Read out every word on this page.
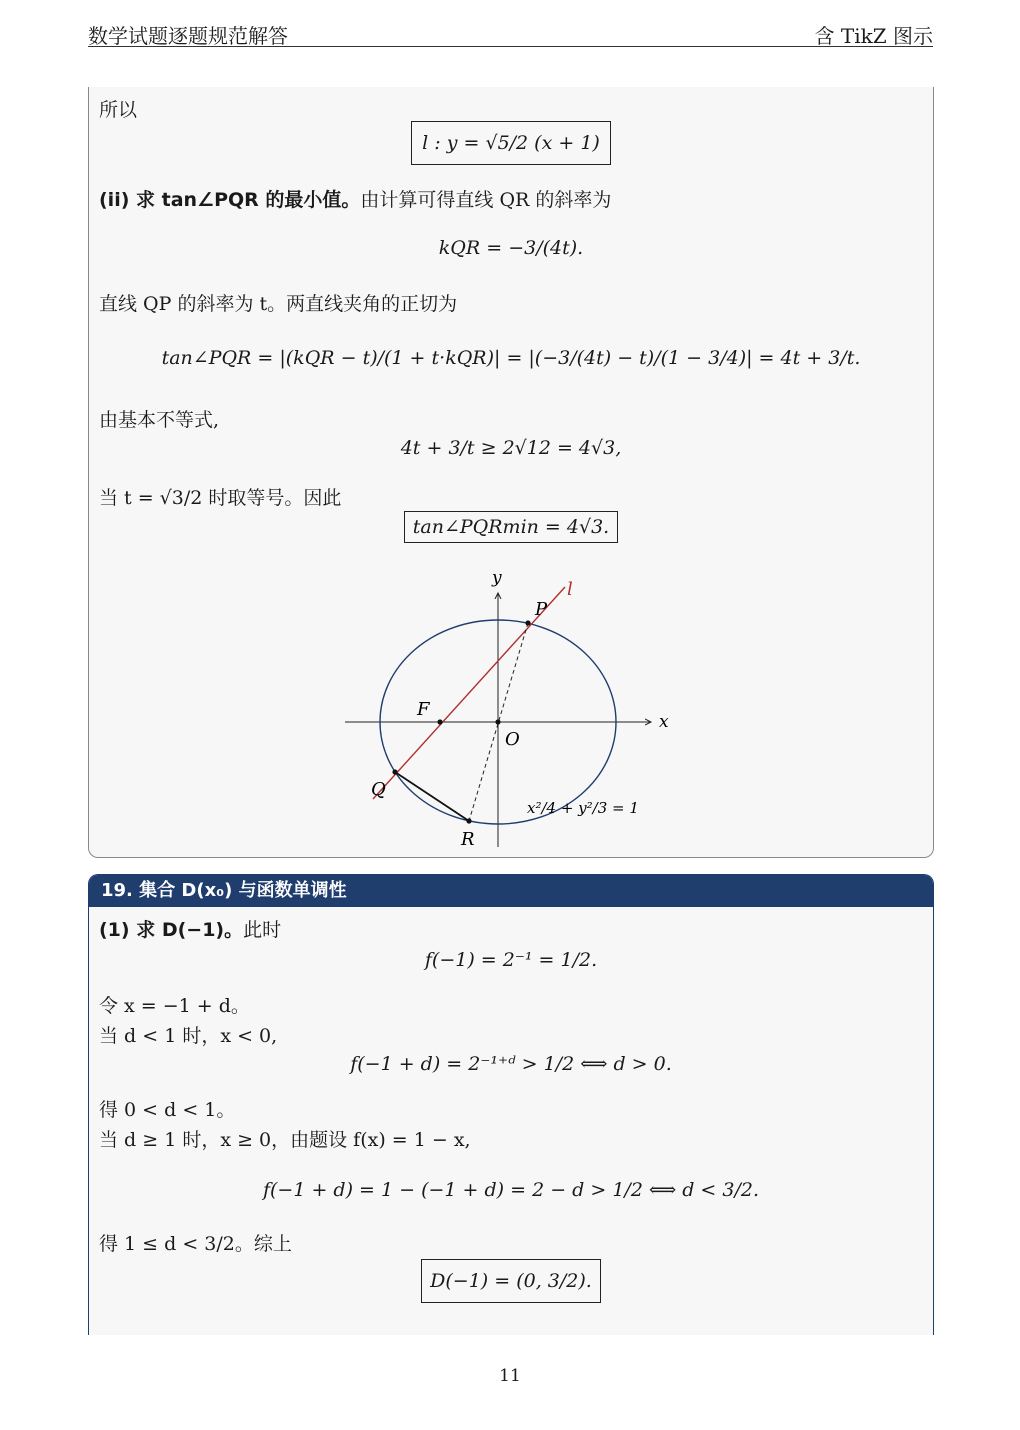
数学试题逐题规范解答	含 TikZ 图示
所以
l : y = √5/2 (x + 1)
(ii) 求 tan∠PQR 的最小值。由计算可得直线 QR 的斜率为
kQR = −3/(4t).
直线 QP 的斜率为 t。两直线夹角的正切为
tan∠PQR = |(kQR − t)/(1 + t·kQR)| = |(−3/(4t) − t)/(1 − 3/4)| = 4t + 3/t.
由基本不等式,
4t + 3/t ≥ 2√12 = 4√3,
当 t = √3/2 时取等号。因此
tan∠PQRmin = 4√3.
x
y
l
P
F
O
Q
R
x²/4 + y²/3 = 1
19. 集合 D(x₀) 与函数单调性
(1) 求 D(−1)。此时
f(−1) = 2⁻¹ = 1/2.
令 x = −1 + d。
当 d < 1 时，x < 0,
f(−1 + d) = 2⁻¹⁺ᵈ > 1/2 ⟺ d > 0.
得 0 < d < 1。
当 d ≥ 1 时，x ≥ 0，由题设 f(x) = 1 − x,
f(−1 + d) = 1 − (−1 + d) = 2 − d > 1/2 ⟺ d < 3/2.
得 1 ≤ d < 3/2。综上
D(−1) = (0, 3/2).
11
